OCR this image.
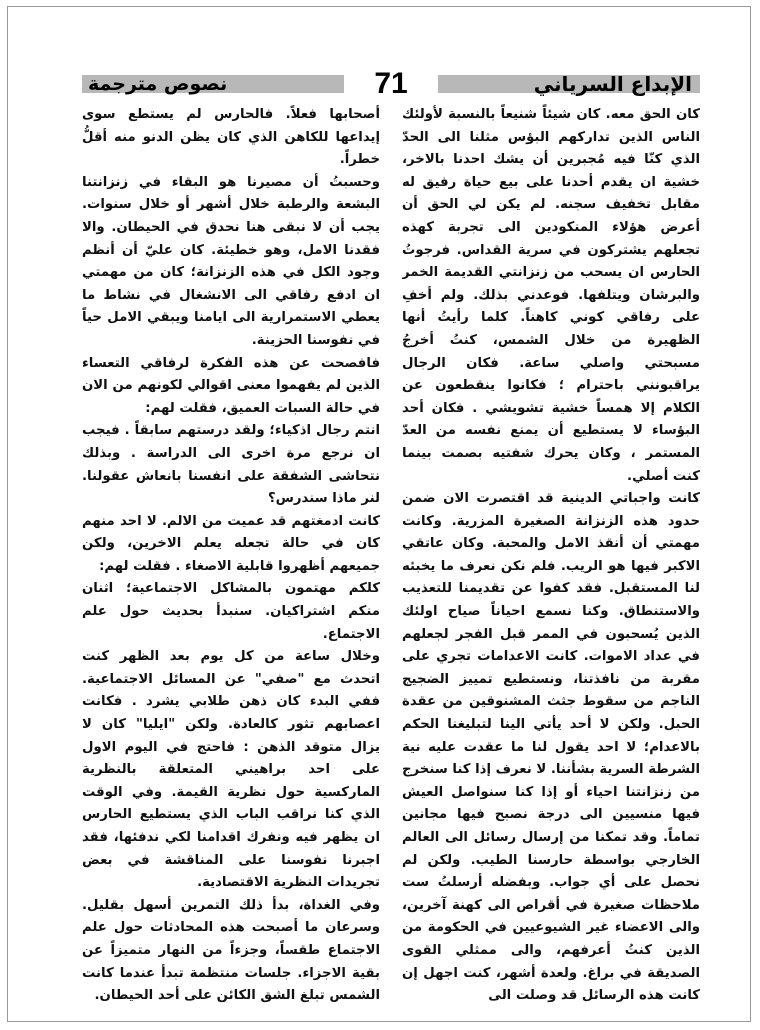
الإبداع السرياني
نصوص مترجمة	71

كان الحق معه. كان شيئاً شنيعاً بالنسبة لأولئك الناس الذين تداركهم البؤس مثلنا الى الحدّ الذي كنّا فيه مُجبرين أن يشك احدنا بالاخر، خشية ان يقدم أحدنا على بيع حياة رفيق له مقابل تخفيف سجنه. لم يكن لي الحق أن أعرض هؤلاء المنكودين الى تجربة كهذه تجعلهم يشتركون في سرية القداس. فرجوتُ الحارس ان يسحب من زنزانتي القديمة الخمر والبرشان ويتلفها. فوعدني بذلك. ولم أخفِ على رفاقي كوني كاهناً. كلما رأيتُ أنها الظهيرة من خلال الشمس، كنتُ أخرجُ مسبحتي واصلي ساعة. فكان الرجال يراقبونني باحترام ؛ فكانوا ينقطعون عن الكلام إلا همساً خشية تشويشي . فكان أحد البؤساء لا يستطيع أن يمنع نفسه من العدّ المستمر ، وكان يحرك شفتيه بصمت بينما كنت أصلي.

كانت واجباتي الدينية قد اقتصرت الان ضمن حدود هذه الزنزانة الصغيرة المزرية. وكانت مهمتي أن أنقذ الامل والمحبة. وكان عاتقي الاكبر فيها هو الريب. فلم نكن نعرف ما يخبئه لنا المستقبل. فقد كفوا عن تقديمنا للتعذيب والاستنطاق. وكنا نسمع احياناً صياح اولئك الذين يُسحبون في الممر قبل الفجر لجعلهم في عداد الاموات. كانت الاعدامات تجري على مقربة من نافذتنا، ونستطيع تمييز الضجيج الناجم من سقوط جثث المشنوقين من عقدة الحبل. ولكن لا أحد يأتي الينا لتبليغنا الحكم بالاعدام؛ لا احد يقول لنا ما عقدت عليه نية الشرطة السرية بشأننا. لا نعرف إذا كنا سنخرج من زنزانتنا احياء أو إذا كنا سنواصل العيش فيها منسيين الى درجة نصبح فيها مجانين تماماً. وقد تمكنا من إرسال رسائل الى العالم الخارجي بواسطة حارسنا الطيب. ولكن لم نحصل على أي جواب. وبفضله أرسلتُ ست ملاحظات صغيرة في أقراص الى كهنة آخرين، والى الاعضاء غير الشيوعيين في الحكومة من الذين كنتُ أعرفهم، والى ممثلي القوى الصديقة في براغ. ولعدة أشهر، كنت اجهل إن كانت هذه الرسائل قد وصلت الى

أصحابها فعلاً. فالحارس لم يستطع سوى إيداعها للكاهن الذي كان يظن الدنو منه أقلُّ خطراً.

وحسبتُ أن مصيرنا هو البقاء في زنزانتنا البشعة والرطبة خلال أشهر أو خلال سنوات. يجب أن لا نبقى هنا نحدق في الحيطان. والا فقدنا الامل، وهو خطيئة. كان عليّ أن أنظم وجود الكل في هذه الزنزانة؛ كان من مهمتي ان ادفع رفاقي الى الانشغال في نشاط ما يعطي الاستمرارية الى ايامنا ويبقي الامل حياً في نفوسنا الحزينة.

فافصحت عن هذه الفكرة لرفاقي التعساء الذين لم يفهموا معنى اقوالي لكونهم من الان في حالة السبات العميق، فقلت لهم:

انتم رجال اذكياء؛ ولقد درستهم سابقاً . فيجب ان نرجع مرة اخرى الى الدراسة . وبذلك نتحاشى الشفقة على انفسنا بانعاش عقولنا. لنر ماذا سندرس؟

كانت ادمغتهم قد عميت من الالم. لا احد منهم كان في حالة تجعله يعلم الاخرين، ولكن جميعهم أظهروا قابلية الاصغاء . فقلت لهم:

كلكم مهتمون بالمشاكل الاجتماعية؛ اثنان منكم اشتراكيان. سنبدأ بحديث حول علم الاجتماع.

وخلال ساعة من كل يوم بعد الظهر كنت اتحدث مع "صفي" عن المسائل الاجتماعية. ففي البدء كان ذهن طلابي يشرد . فكانت اعصابهم تثور كالعادة. ولكن "ايليا" كان لا يزال متوقد الذهن : فاحتج في اليوم الاول على احد براهيني المتعلقة بالنظرية الماركسية حول نظرية القيمة. وفي الوقت الذي كنا نراقب الباب الذي يستطيع الحارس ان يظهر فيه ونفرك اقدامنا لكي ندفئها، فقد اجبرنا نفوسنا على المناقشة في بعض تجريدات النظرية الاقتصادية.

وفي الغداة، بدأ ذلك التمرين أسهل بقليل. وسرعان ما أصبحت هذه المحادثات حول علم الاجتماع طقساً، وجزءاً من النهار متميزاً عن بقية الاجزاء. جلسات منتظمة تبدأ عندما كانت الشمس تبلغ الشق الكائن على أحد الحيطان.
